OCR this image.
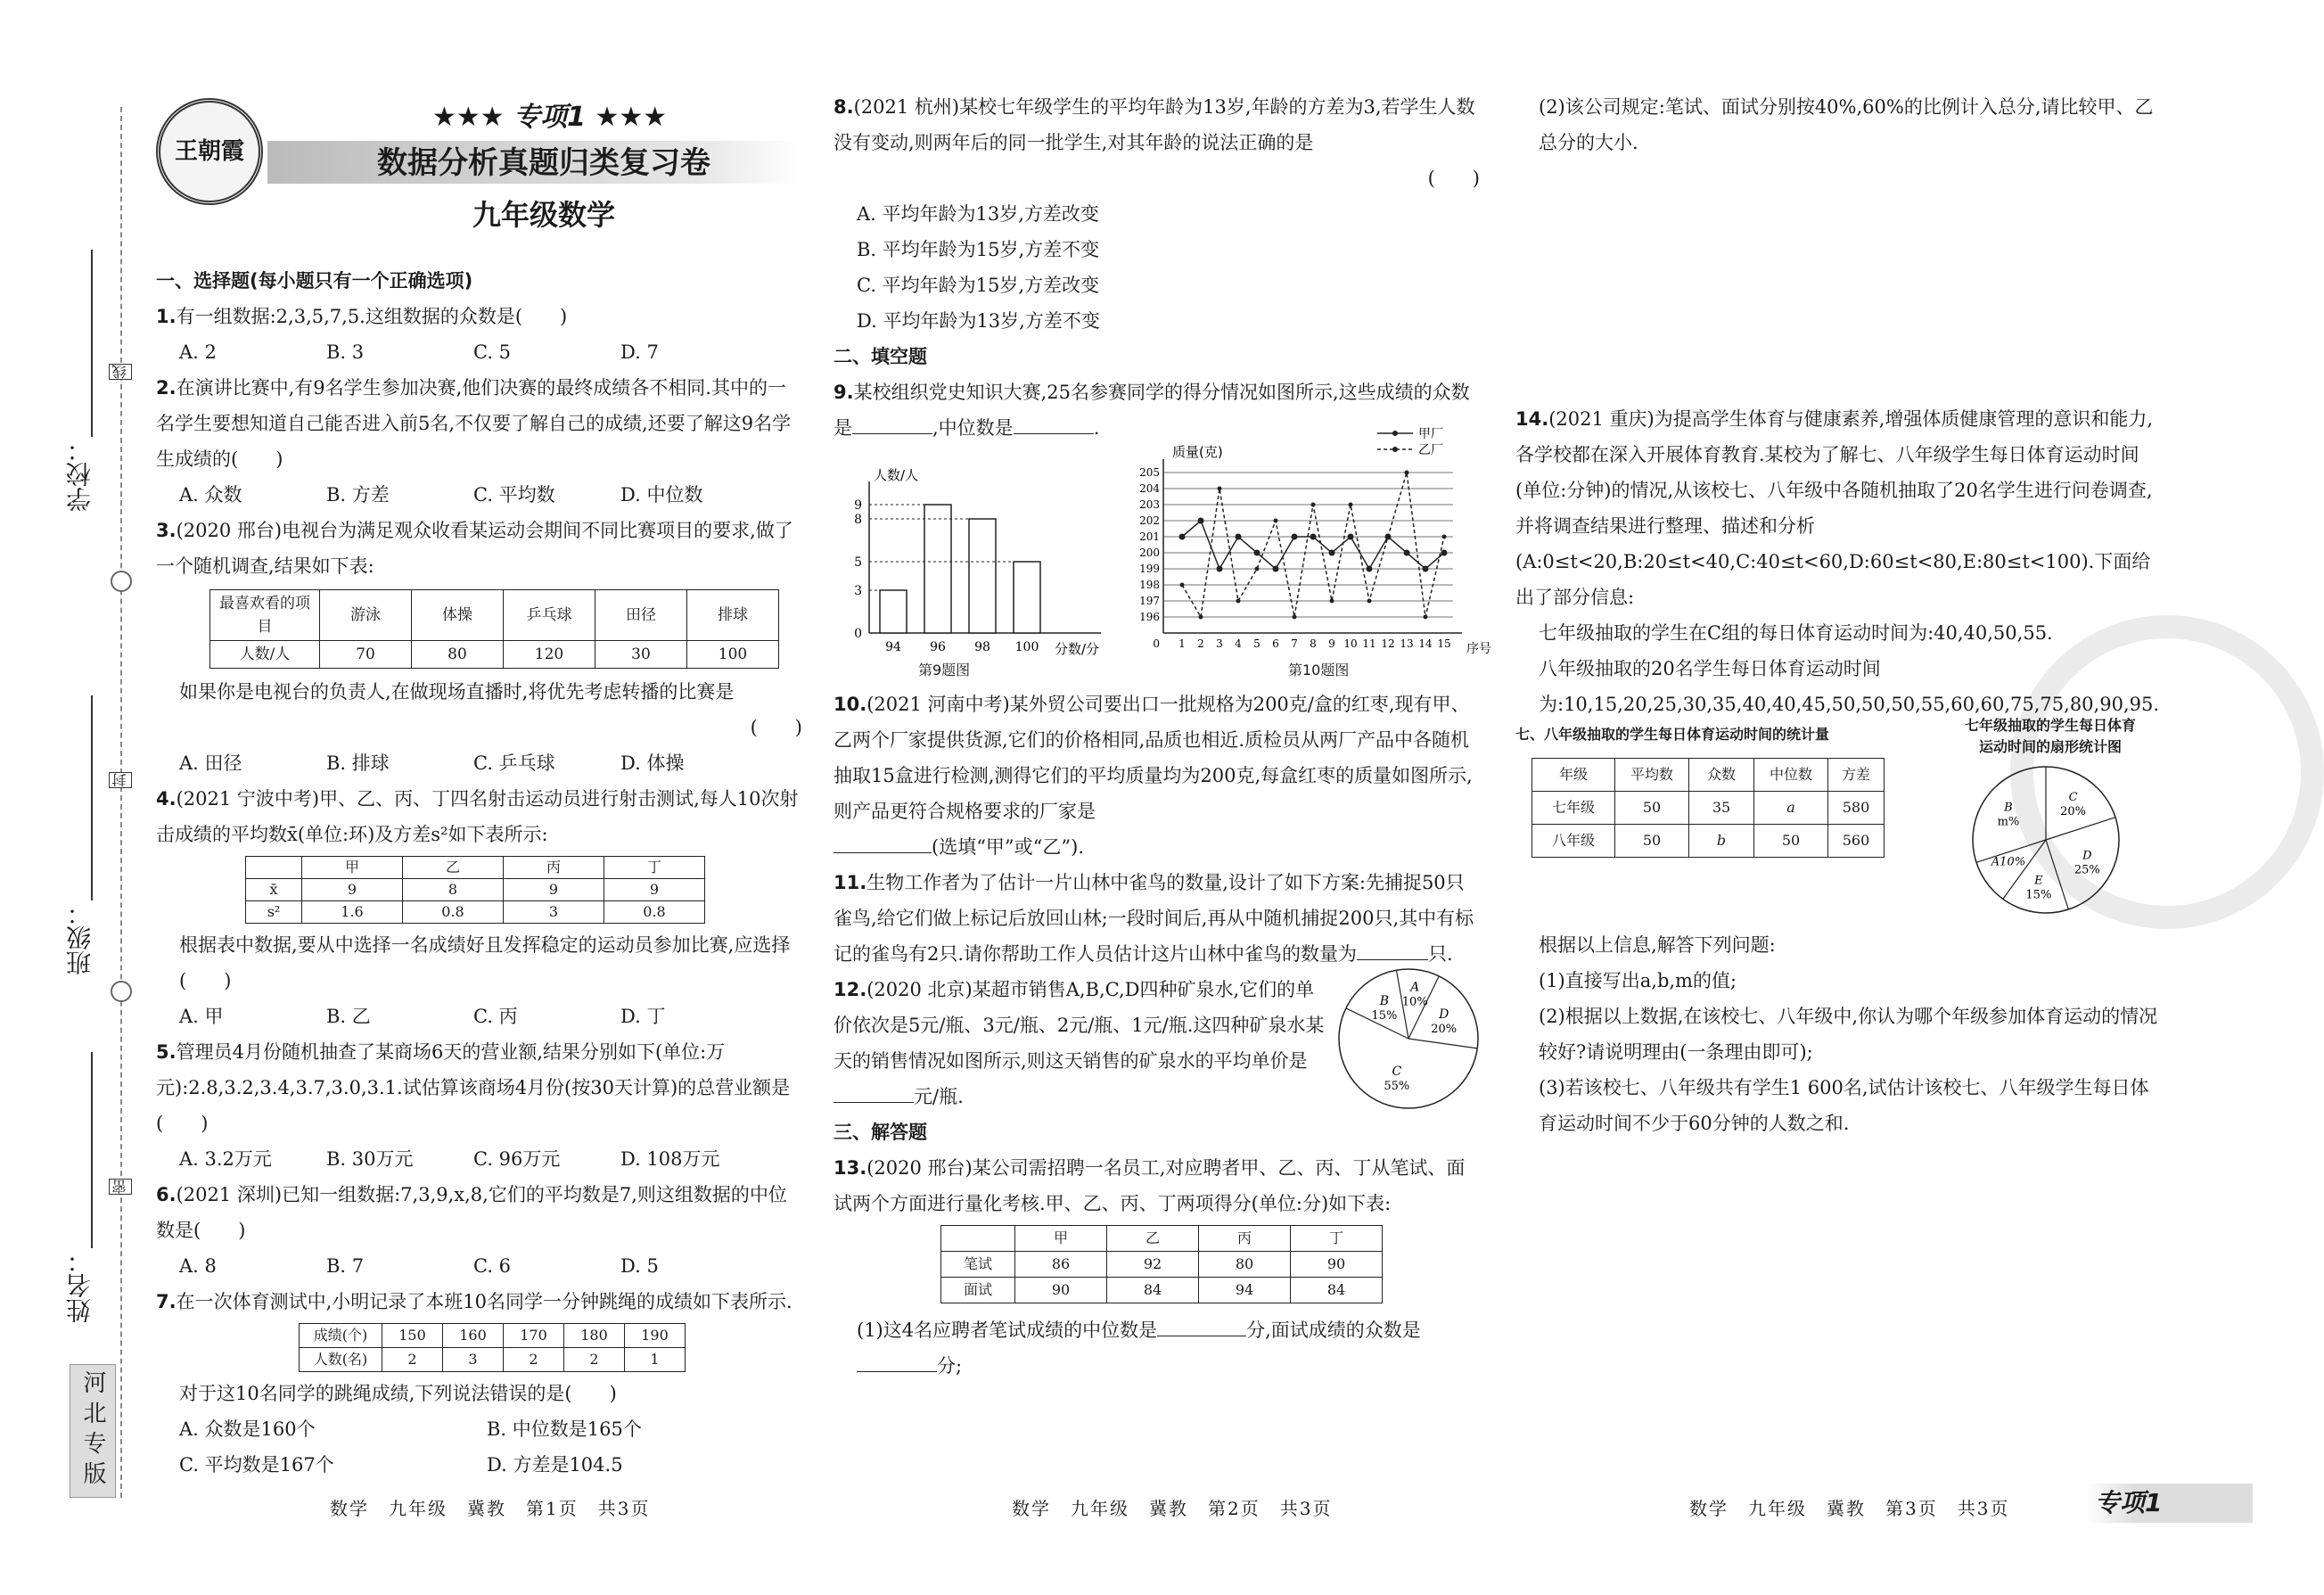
学校：
班级：
姓名：
线
封
密
河北专版
王朝霞
★★★ 专项1 ★★★
数据分析真题归类复习卷
九年级数学
一、选择题(每小题只有一个正确选项)
1.有一组数据:2,3,5,7,5.这组数据的众数是(　　)
A. 2	B. 3	C. 5	D. 7
2.在演讲比赛中,有9名学生参加决赛,他们决赛的最终成绩各不相同.其中的一名学生要想知道自己能否进入前5名,不仅要了解自己的成绩,还要了解这9名学生成绩的(　　)
A. 众数	B. 方差	C. 平均数	D. 中位数
3.(2020 邢台)电视台为满足观众收看某运动会期间不同比赛项目的要求,做了一个随机调查,结果如下表:
最喜欢看的项目	游泳	体操	乒乓球	田径	排球
人数/人	70	80	120	30	100
如果你是电视台的负责人,在做现场直播时,将优先考虑转播的比赛是
(　　)
A. 田径	B. 排球	C. 乒乓球	D. 体操
4.(2021 宁波中考)甲、乙、丙、丁四名射击运动员进行射击测试,每人10次射击成绩的平均数x̄(单位:环)及方差s²如下表所示:
	甲	乙	丙	丁
x̄	9	8	9	9
s²	1.6	0.8	3	0.8
根据表中数据,要从中选择一名成绩好且发挥稳定的运动员参加比赛,应选择(　　)
A. 甲	B. 乙	C. 丙	D. 丁
5.管理员4月份随机抽查了某商场6天的营业额,结果分别如下(单位:万元):2.8,3.2,3.4,3.7,3.0,3.1.试估算该商场4月份(按30天计算)的总营业额是(　　)
A. 3.2万元	B. 30万元	C. 96万元	D. 108万元
6.(2021 深圳)已知一组数据:7,3,9,x,8,它们的平均数是7,则这组数据的中位数是(　　)
A. 8	B. 7	C. 6	D. 5
7.在一次体育测试中,小明记录了本班10名同学一分钟跳绳的成绩如下表所示.
成绩(个)	150	160	170	180	190
人数(名)	2	3	2	2	1
对于这10名同学的跳绳成绩,下列说法错误的是(　　)
A. 众数是160个	B. 中位数是165个
C. 平均数是167个	D. 方差是104.5
8.(2021 杭州)某校七年级学生的平均年龄为13岁,年龄的方差为3,若学生人数没有变动,则两年后的同一批学生,对其年龄的说法正确的是
(　　)
A. 平均年龄为13岁,方差改变
B. 平均年龄为15岁,方差不变
C. 平均年龄为15岁,方差改变
D. 平均年龄为13岁,方差不变
二、填空题
9.某校组织党史知识大赛,25名参赛同学的得分情况如图所示,这些成绩的众数是	,中位数是	.
人数/人
分数/分
0
3
5
8
9
94 96 98 100
第9题图
质量(克)
序号
196
197
198
199
200
201
202
203
204
205
0 1 2 3 4 5 6 7 8 9 10 11 12 13 14 15
甲厂
乙厂
第10题图
10.(2021 河南中考)某外贸公司要出口一批规格为200克/盒的红枣,现有甲、乙两个厂家提供货源,它们的价格相同,品质也相近.质检员从两厂产品中各随机抽取15盒进行检测,测得它们的平均质量均为200克,每盒红枣的质量如图所示,则产品更符合规格要求的厂家是
(选填“甲”或“乙”).
11.生物工作者为了估计一片山林中雀鸟的数量,设计了如下方案:先捕捉50只雀鸟,给它们做上标记后放回山林;一段时间后,再从中随机捕捉200只,其中有标记的雀鸟有2只.请你帮助工作人员估计这片山林中雀鸟的数量为	只.
12.(2020 北京)某超市销售A,B,C,D四种矿泉水,它们的单价依次是5元/瓶、3元/瓶、2元/瓶、1元/瓶.这四种矿泉水某天的销售情况如图所示,则这天销售的矿泉水的平均单价是元/瓶.
A
10%
D
20%
C
55%
B
15%
三、解答题
13.(2020 邢台)某公司需招聘一名员工,对应聘者甲、乙、丙、丁从笔试、面试两个方面进行量化考核.甲、乙、丙、丁两项得分(单位:分)如下表:
	甲	乙	丙	丁
笔试	86	92	80	90
面试	90	84	94	84
(1)这4名应聘者笔试成绩的中位数是	分,面试成绩的众数是分;
(2)该公司规定:笔试、面试分别按40%,60%的比例计入总分,请比较甲、乙总分的大小.
14.(2021 重庆)为提高学生体育与健康素养,增强体质健康管理的意识和能力,各学校都在深入开展体育教育.某校为了解七、八年级学生每日体育运动时间(单位:分钟)的情况,从该校七、八年级中各随机抽取了20名学生进行问卷调查,并将调查结果进行整理、描述和分析(A:0≤t<20,B:20≤t<40,C:40≤t<60,D:60≤t<80,E:80≤t<100).下面给出了部分信息:
七年级抽取的学生在C组的每日体育运动时间为:40,40,50,55.
八年级抽取的20名学生每日体育运动时间为:10,15,20,25,30,35,40,40,45,50,50,50,55,60,60,75,75,80,90,95.
七、八年级抽取的学生每日体育运动时间的统计量
年级	平均数	众数	中位数	方差
七年级	50	35	a	580
八年级	50	b	50	560
七年级抽取的学生每日体育
运动时间的扇形统计图
C
20%
D
25%
E
15%
A10%
B
m%
根据以上信息,解答下列问题:
(1)直接写出a,b,m的值;
(2)根据以上数据,在该校七、八年级中,你认为哪个年级参加体育运动的情况较好?请说明理由(一条理由即可);
(3)若该校七、八年级共有学生1 600名,试估计该校七、八年级学生每日体育运动时间不少于60分钟的人数之和.
数学　九年级　冀教　第1页　共3页	数学　九年级　冀教　第2页　共3页	数学　九年级　冀教　第3页　共3页	专项1
